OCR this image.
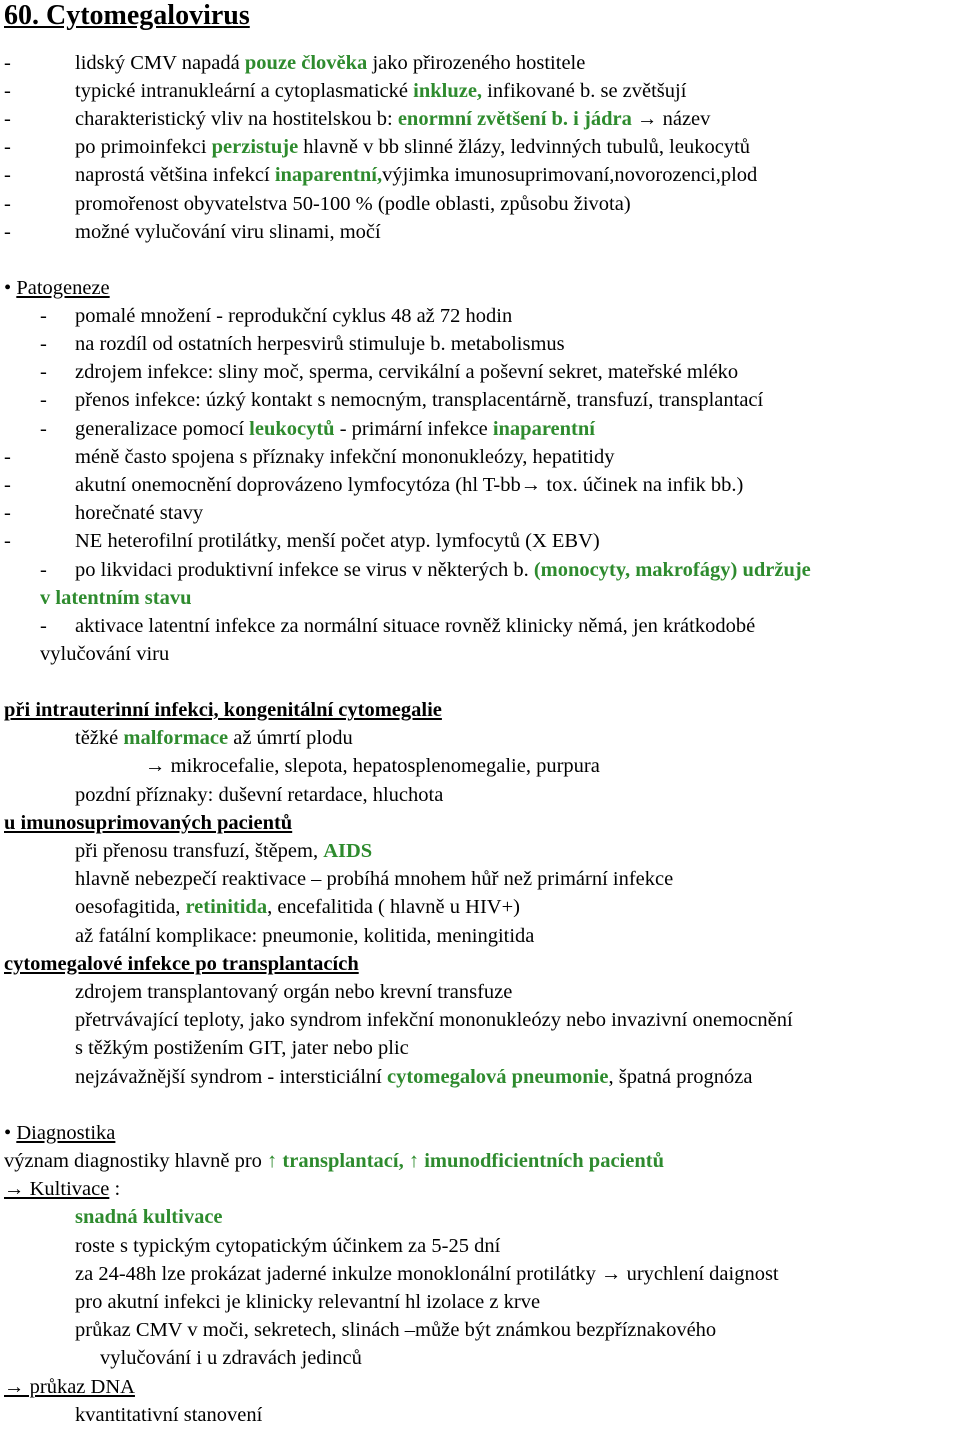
60. Cytomegalovirus
-	lidský CMV napadá pouze člověka jako přirozeného hostitele
-	typické intranukleární a cytoplasmatické inkluze, infikované b. se zvětšují
-	charakteristický vliv na hostitelskou b: enormní zvětšení b. i jádra → název
-	po primoinfekci perzistuje hlavně v bb slinné žlázy, ledvinných tubulů, leukocytů
-	naprostá většina infekcí inaparentní,výjimka imunosuprimovaní,novorozenci,plod
-	promořenost obyvatelstva 50-100 % (podle oblasti, způsobu života)
-	možné vylučování viru slinami, močí
• Patogeneze
- pomalé množení - reprodukční cyklus 48 až 72 hodin
- na rozdíl od ostatních herpesvirů stimuluje b. metabolismus
- zdrojem infekce: sliny moč, sperma, cervikální a poševní sekret, mateřské mléko
- přenos infekce: úzký kontakt s nemocným, transplacentárně, transfuzí, transplantací
- generalizace pomocí leukocytů - primární infekce inaparentní
-	méně často spojena s příznaky infekční mononukleózy, hepatitidy
-	akutní onemocnění doprovázeno lymfocytóza (hl T-bb→ tox. účinek na infik bb.)
-	horečnaté stavy
-	NE heterofilní protilátky, menší počet atyp. lymfocytů (X EBV)
- po likvidaci produktivní infekce se virus v některých b. (monocyty, makrofágy) udržuje
v latentním stavu
- aktivace latentní infekce za normální situace rovněž klinicky němá, jen krátkodobé
vylučování viru
při intrauterinní infekci, kongenitální cytomegalie
těžké malformace až úmrtí plodu
→ mikrocefalie, slepota, hepatosplenomegalie, purpura
pozdní příznaky: duševní retardace, hluchota
u imunosuprimovaných pacientů
při přenosu transfuzí, štěpem, AIDS
hlavně nebezpečí reaktivace – probíhá mnohem hůř než primární infekce
oesofagitida, retinitida, encefalitida ( hlavně u HIV+)
až fatální komplikace: pneumonie, kolitida, meningitida
cytomegalové infekce po transplantacích
zdrojem transplantovaný orgán nebo krevní transfuze
přetrvávající teploty, jako syndrom infekční mononukleózy nebo invazivní onemocnění
s těžkým postižením GIT, jater nebo plic
nejzávažnější syndrom - intersticiální cytomegalová pneumonie, špatná prognóza
• Diagnostika
význam diagnostiky hlavně pro ↑ transplantací, ↑ imunodficientních pacientů
→ Kultivace :
snadná kultivace
roste s typickým cytopatickým účinkem za 5-25 dní
za 24-48h lze prokázat jaderné inkulze monoklonální protilátky → urychlení daignost
pro akutní infekci je klinicky relevantní hl izolace z krve
průkaz CMV v moči, sekretech, slinách –může být známkou bezpříznakového
vylučování i u zdravách jedinců
→ průkaz DNA
kvantitativní stanovení
